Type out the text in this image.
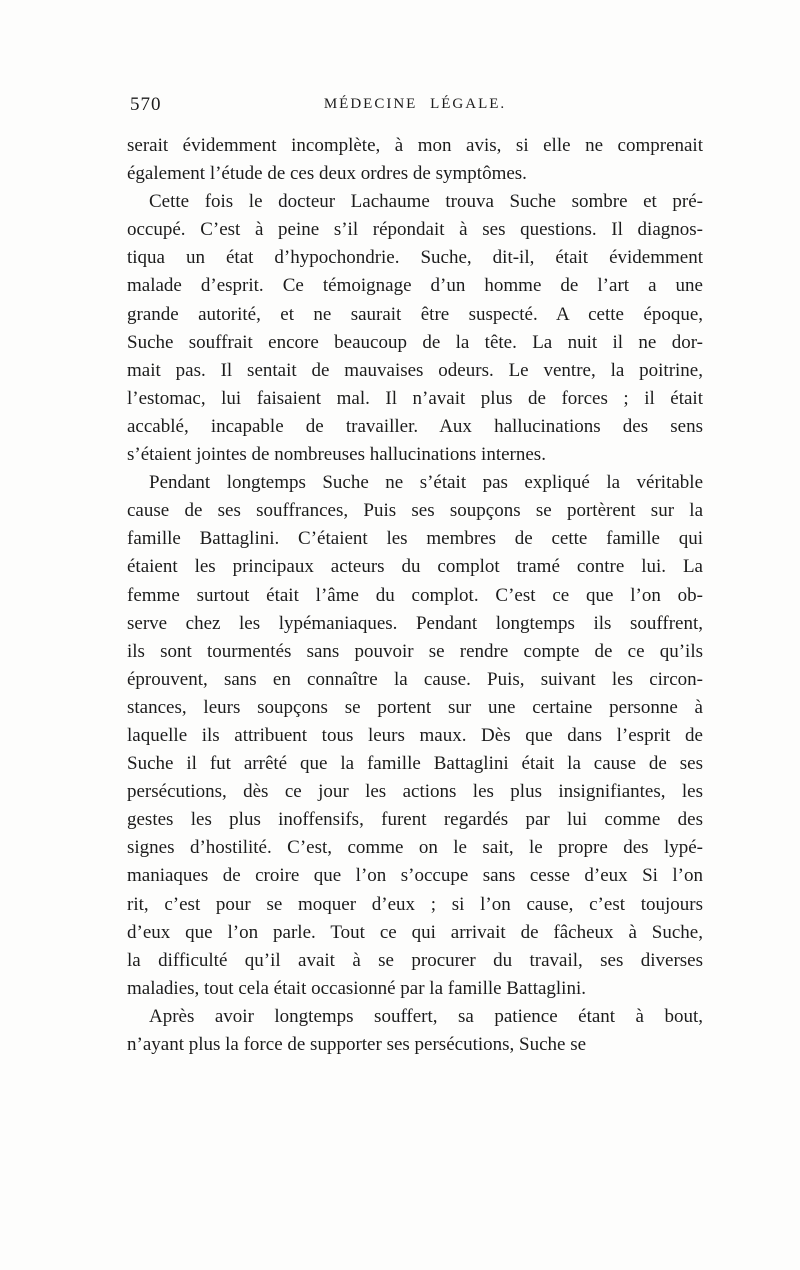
570	MÉDECINE LÉGALE.
serait évidemment incomplète, à mon avis, si elle ne comprenait
également l’étude de ces deux ordres de symptômes.
Cette fois le docteur Lachaume trouva Suche sombre et pré-
occupé. C’est à peine s’il répondait à ses questions. Il diagnos-
tiqua un état d’hypochondrie. Suche, dit-il, était évidemment
malade d’esprit. Ce témoignage d’un homme de l’art a une
grande autorité, et ne saurait être suspecté. A cette époque,
Suche souffrait encore beaucoup de la tête. La nuit il ne dor-
mait pas. Il sentait de mauvaises odeurs. Le ventre, la poitrine,
l’estomac, lui faisaient mal. Il n’avait plus de forces ; il était
accablé, incapable de travailler. Aux hallucinations des sens
s’étaient jointes de nombreuses hallucinations internes.
Pendant longtemps Suche ne s’était pas expliqué la véritable
cause de ses souffrances, Puis ses soupçons se portèrent sur la
famille Battaglini. C’étaient les membres de cette famille qui
étaient les principaux acteurs du complot tramé contre lui. La
femme surtout était l’âme du complot. C’est ce que l’on ob-
serve chez les lypémaniaques. Pendant longtemps ils souffrent,
ils sont tourmentés sans pouvoir se rendre compte de ce qu’ils
éprouvent, sans en connaître la cause. Puis, suivant les circon-
stances, leurs soupçons se portent sur une certaine personne à
laquelle ils attribuent tous leurs maux. Dès que dans l’esprit de
Suche il fut arrêté que la famille Battaglini était la cause de ses
persécutions, dès ce jour les actions les plus insignifiantes, les
gestes les plus inoffensifs, furent regardés par lui comme des
signes d’hostilité. C’est, comme on le sait, le propre des lypé-
maniaques de croire que l’on s’occupe sans cesse d’eux Si l’on
rit, c’est pour se moquer d’eux ; si l’on cause, c’est toujours
d’eux que l’on parle. Tout ce qui arrivait de fâcheux à Suche,
la difficulté qu’il avait à se procurer du travail, ses diverses
maladies, tout cela était occasionné par la famille Battaglini.
Après avoir longtemps souffert, sa patience étant à bout,
n’ayant plus la force de supporter ses persécutions, Suche se
